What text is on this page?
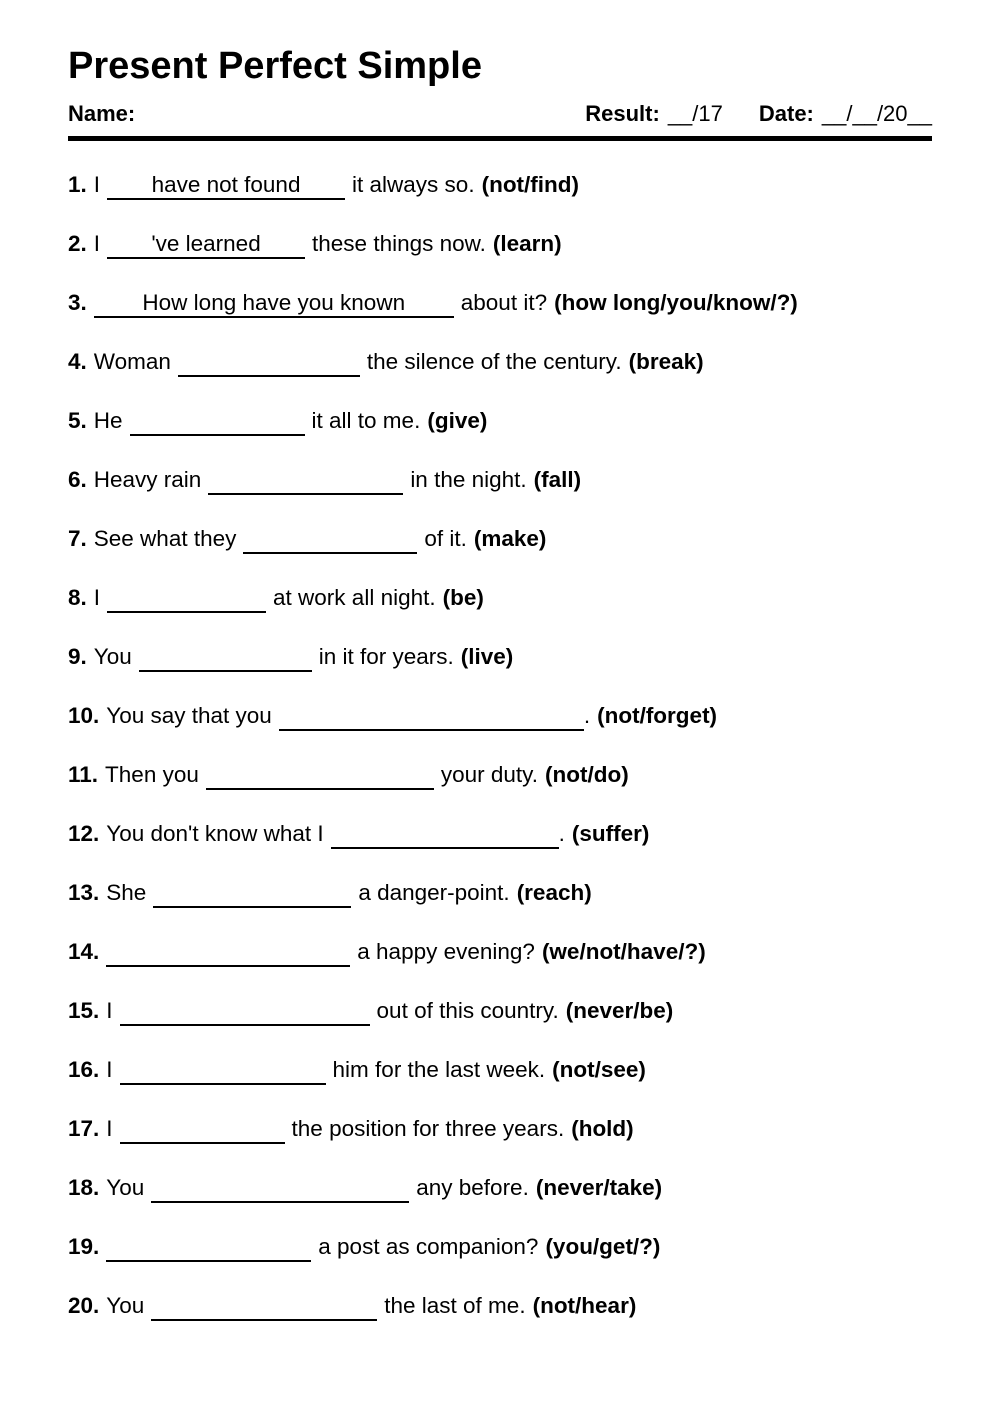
Present Perfect Simple
Name:	Result: __/17 Date: __/__/20__
1. I have not found it always so. (not/find)
2. I 've learned these things now. (learn)
3. How long have you known about it? (how long/you/know/?)
4. Woman	the silence of the century. (break)
5. He	it all to me. (give)
6. Heavy rain	in the night. (fall)
7. See what they	of it. (make)
8. I	at work all night. (be)
9. You	in it for years. (live)
10. You say that you	. (not/forget)
11. Then you	your duty. (not/do)
12. You don't know what I	. (suffer)
13. She	a danger-point. (reach)
14.	a happy evening? (we/not/have/?)
15. I	out of this country. (never/be)
16. I	him for the last week. (not/see)
17. I	the position for three years. (hold)
18. You	any before. (never/take)
19.	a post as companion? (you/get/?)
20. You	the last of me. (not/hear)
